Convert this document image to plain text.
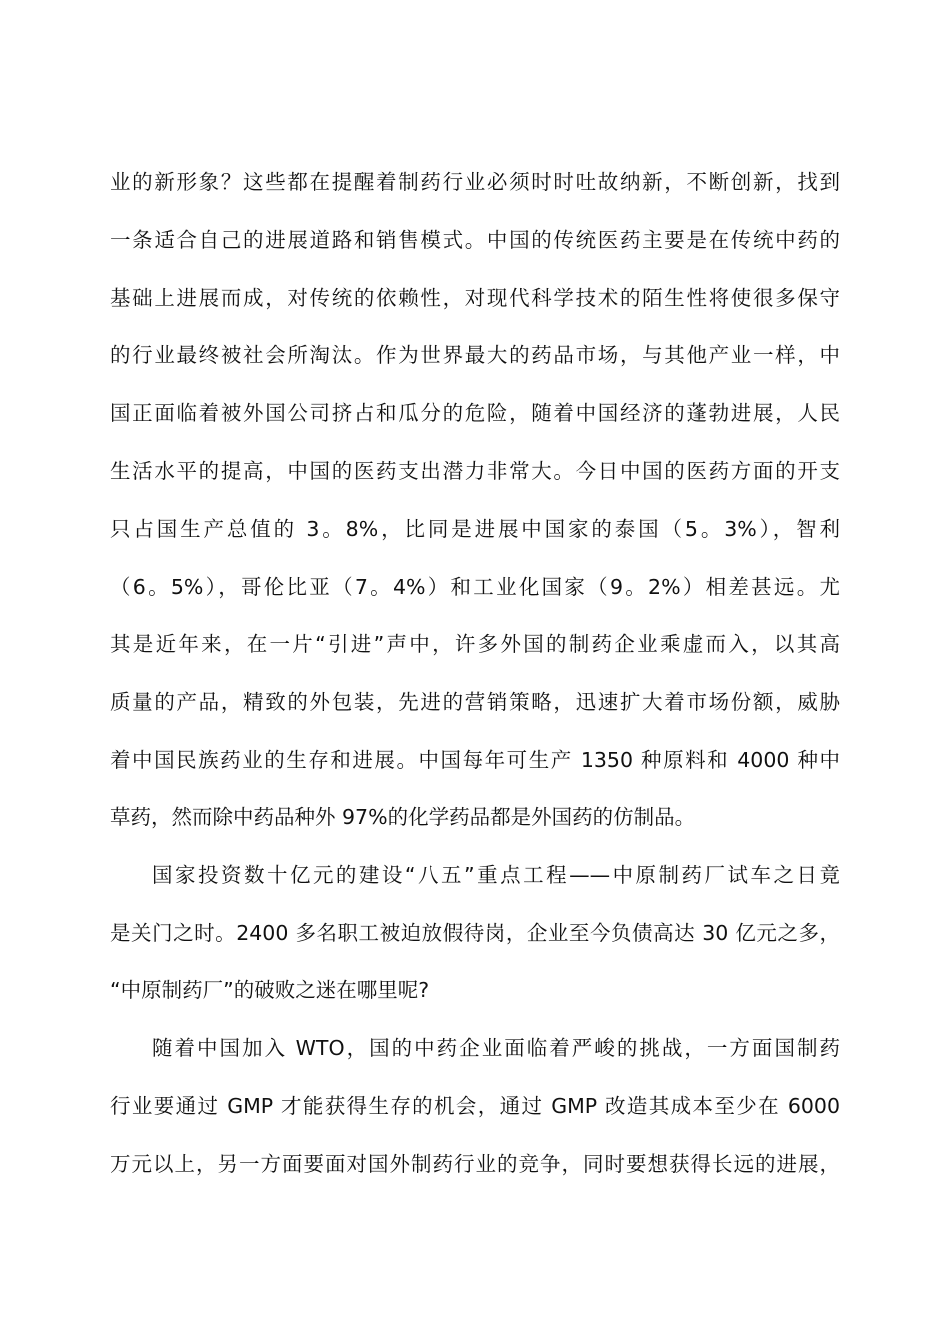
业的新形象？这些都在提醒着制药行业必须时时吐故纳新，不断创新，找到
一条适合自己的进展道路和销售模式。中国的传统医药主要是在传统中药的
基础上进展而成，对传统的依赖性，对现代科学技术的陌生性将使很多保守
的行业最终被社会所淘汰。作为世界最大的药品市场，与其他产业一样，中
国正面临着被外国公司挤占和瓜分的危险，随着中国经济的蓬勃进展，人民
生活水平的提高，中国的医药支出潜力非常大。今日中国的医药方面的开支
只占国生产总值的 3。8%，比同是进展中国家的泰国（5。3%），智利
（6。5%），哥伦比亚（7。4%）和工业化国家（9。2%）相差甚远。尤
其是近年来，在一片“引进”声中，许多外国的制药企业乘虚而入，以其高
质量的产品，精致的外包装，先进的营销策略，迅速扩大着市场份额，威胁
着中国民族药业的生存和进展。中国每年可生产 1350 种原料和 4000 种中
草药，然而除中药品种外 97%的化学药品都是外国药的仿制品。
国家投资数十亿元的建设“八五”重点工程——中原制药厂试车之日竟
是关门之时。2400 多名职工被迫放假待岗，企业至今负债高达 30 亿元之多，
“中原制药厂”的破败之迷在哪里呢?
随着中国加入 WTO，国的中药企业面临着严峻的挑战，一方面国制药
行业要通过 GMP 才能获得生存的机会，通过 GMP 改造其成本至少在 6000
万元以上，另一方面要面对国外制药行业的竞争，同时要想获得长远的进展，
